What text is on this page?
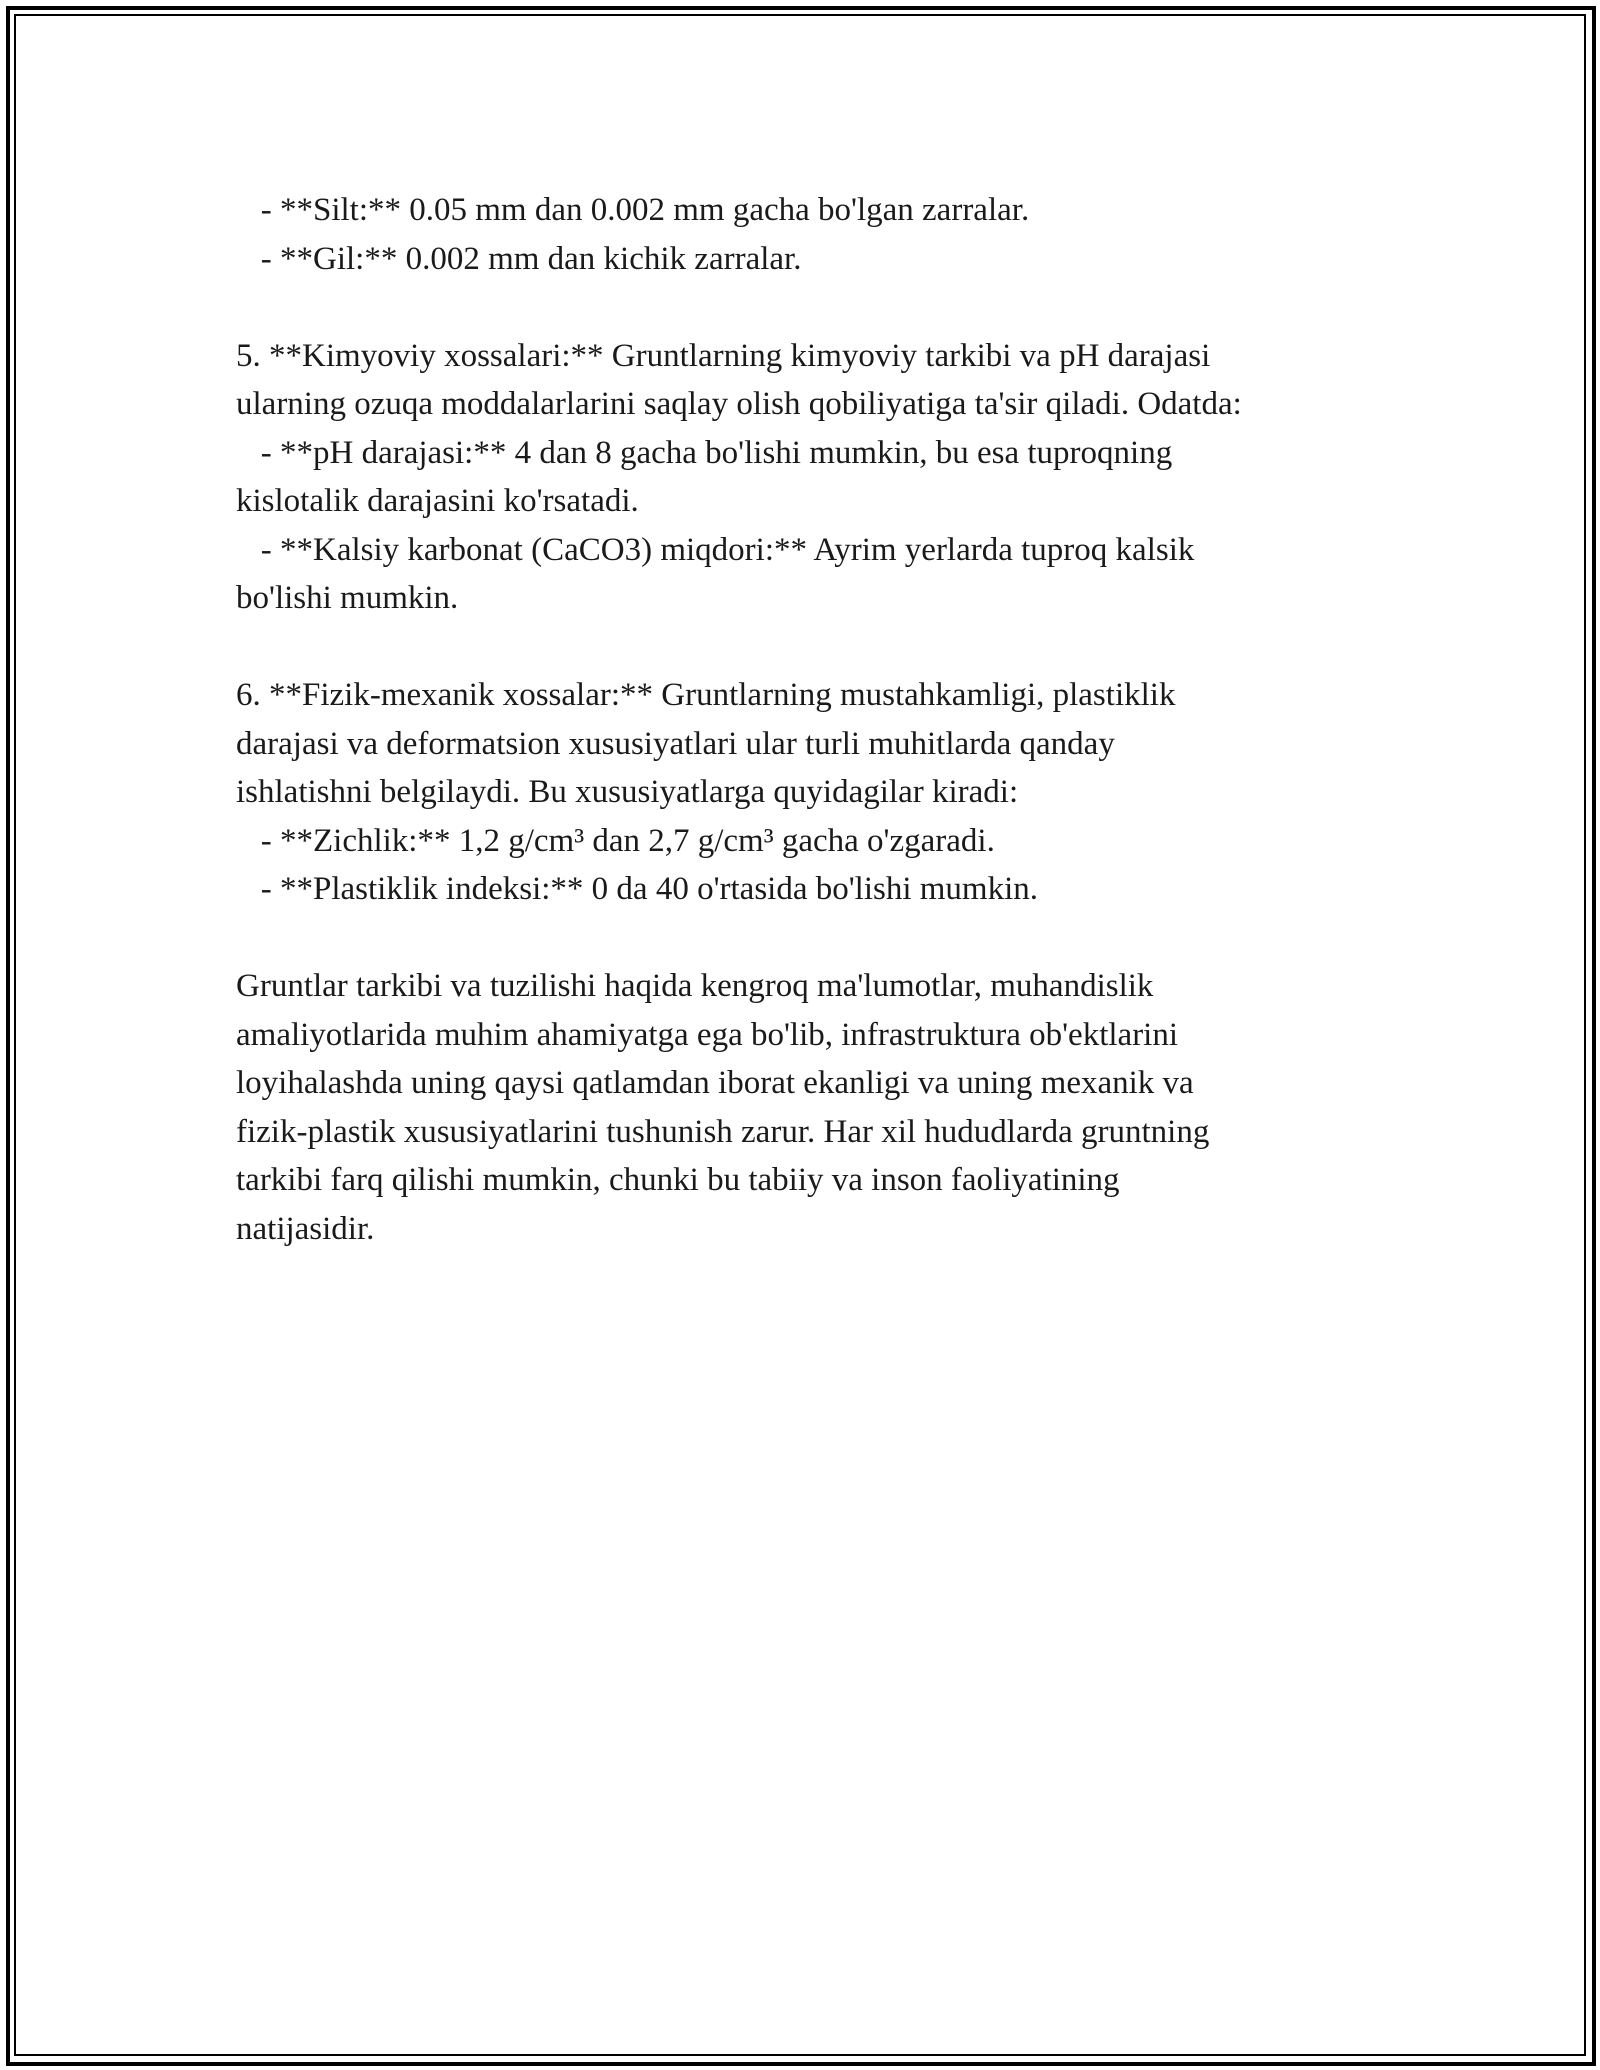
- **Silt:** 0.05 mm dan 0.002 mm gacha bo'lgan zarralar.
- **Gil:** 0.002 mm dan kichik zarralar.
5. **Kimyoviy xossalari:** Gruntlarning kimyoviy tarkibi va pH darajasi
ularning ozuqa moddalarlarini saqlay olish qobiliyatiga ta'sir qiladi. Odatda:
- **pH darajasi:** 4 dan 8 gacha bo'lishi mumkin, bu esa tuproqning
kislotalik darajasini ko'rsatadi.
- **Kalsiy karbonat (CaCO3) miqdori:** Ayrim yerlarda tuproq kalsik
bo'lishi mumkin.
6. **Fizik-mexanik xossalar:** Gruntlarning mustahkamligi, plastiklik
darajasi va deformatsion xususiyatlari ular turli muhitlarda qanday
ishlatishni belgilaydi. Bu xususiyatlarga quyidagilar kiradi:
- **Zichlik:** 1,2 g/cm³ dan 2,7 g/cm³ gacha o'zgaradi.
- **Plastiklik indeksi:** 0 da 40 o'rtasida bo'lishi mumkin.
Gruntlar tarkibi va tuzilishi haqida kengroq ma'lumotlar, muhandislik
amaliyotlarida muhim ahamiyatga ega bo'lib, infrastruktura ob'ektlarini
loyihalashda uning qaysi qatlamdan iborat ekanligi va uning mexanik va
fizik-plastik xususiyatlarini tushunish zarur. Har xil hududlarda gruntning
tarkibi farq qilishi mumkin, chunki bu tabiiy va inson faoliyatining
natijasidir.
